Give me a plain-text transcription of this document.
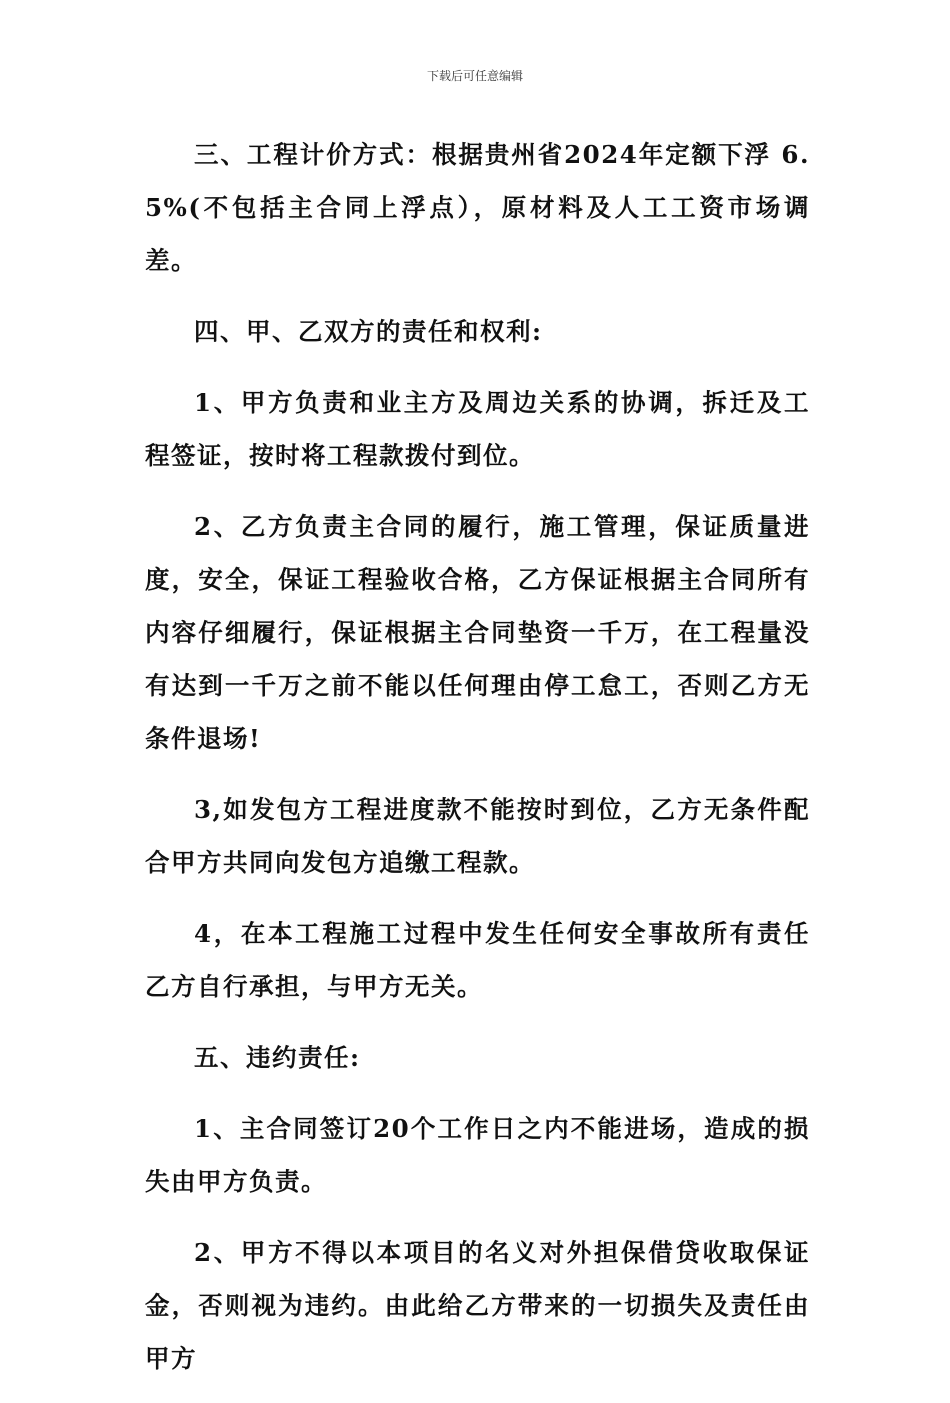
下载后可任意编辑

三、工程计价方式：根据贵州省2024年定额下浮 6.5%(不包括主合同上浮点），原材料及人工工资市场调差。

四、甲、乙双方的责任和权利:

1、甲方负责和业主方及周边关系的协调，拆迁及工程签证，按时将工程款拨付到位。

2、乙方负责主合同的履行，施工管理，保证质量进度，安全，保证工程验收合格，乙方保证根据主合同所有内容仔细履行，保证根据主合同垫资一千万，在工程量没有达到一千万之前不能以任何理由停工怠工，否则乙方无条件退场!

3,如发包方工程进度款不能按时到位，乙方无条件配合甲方共同向发包方追缴工程款。

4，在本工程施工过程中发生任何安全事故所有责任乙方自行承担，与甲方无关。

五、违约责任:

1、主合同签订20个工作日之内不能进场，造成的损失由甲方负责。

2、甲方不得以本项目的名义对外担保借贷收取保证金，否则视为违约。由此给乙方带来的一切损失及责任由甲方
